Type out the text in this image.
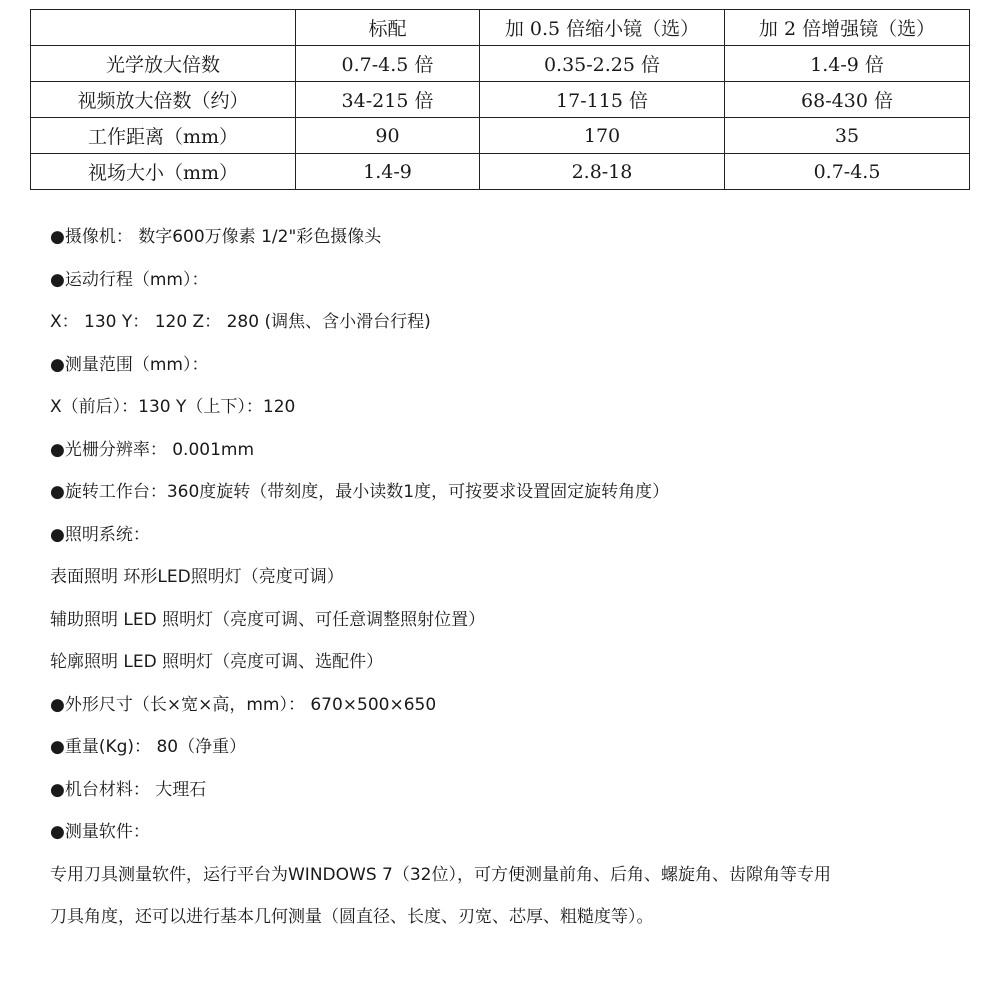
	标配	加 0.5 倍缩小镜（选）	加 2 倍增强镜（选）
光学放大倍数	0.7-4.5 倍	0.35-2.25 倍	1.4-9 倍
视频放大倍数（约）	34-215 倍	17-115 倍	68-430 倍
工作距离（mm）	90	170	35
视场大小（mm）	1.4-9	2.8-18	0.7-4.5
●摄像机： 数字600万像素 1/2"彩色摄像头
●运动行程（mm）：
X： 130 Y： 120 Z： 280 (调焦、含小滑台行程)
●测量范围（mm）：
X（前后）：130 Y（上下）：120
●光栅分辨率： 0.001mm
●旋转工作台：360度旋转（带刻度，最小读数1度，可按要求设置固定旋转角度）
●照明系统：
表面照明 环形LED照明灯（亮度可调）
辅助照明 LED 照明灯（亮度可调、可任意调整照射位置）
轮廓照明 LED 照明灯（亮度可调、选配件）
●外形尺寸（长×宽×高，mm）： 670×500×650
●重量(Kg)： 80（净重）
●机台材料： 大理石
●测量软件：
专用刀具测量软件，运行平台为WINDOWS 7（32位），可方便测量前角、后角、螺旋角、齿隙角等专用
刀具角度，还可以进行基本几何测量（圆直径、长度、刃宽、芯厚、粗糙度等）。
